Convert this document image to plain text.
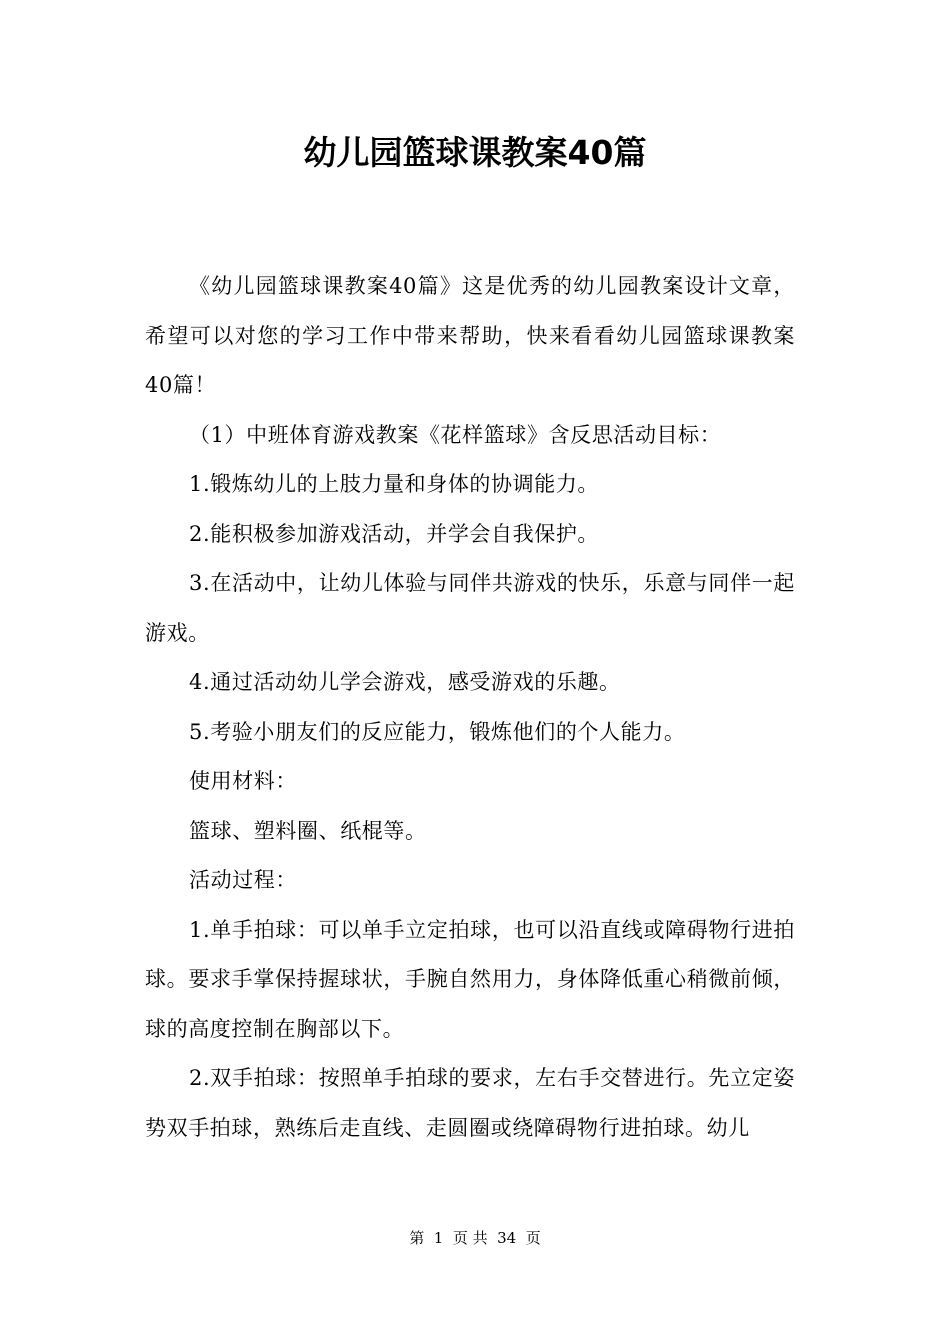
幼儿园篮球课教案40篇

《幼儿园篮球课教案40篇》这是优秀的幼儿园教案设计文章，希望可以对您的学习工作中带来帮助，快来看看幼儿园篮球课教案40篇！

（1）中班体育游戏教案《花样篮球》含反思活动目标：

1.锻炼幼儿的上肢力量和身体的协调能力。

2.能积极参加游戏活动，并学会自我保护。

3.在活动中，让幼儿体验与同伴共游戏的快乐，乐意与同伴一起游戏。

4.通过活动幼儿学会游戏，感受游戏的乐趣。

5.考验小朋友们的反应能力，锻炼他们的个人能力。

使用材料：

篮球、塑料圈、纸棍等。

活动过程：

1.单手拍球：可以单手立定拍球，也可以沿直线或障碍物行进拍球。要求手掌保持握球状，手腕自然用力，身体降低重心稍微前倾，球的高度控制在胸部以下。

2.双手拍球：按照单手拍球的要求，左右手交替进行。先立定姿势双手拍球，熟练后走直线、走圆圈或绕障碍物行进拍球。幼儿

第  1  页 共  34  页
